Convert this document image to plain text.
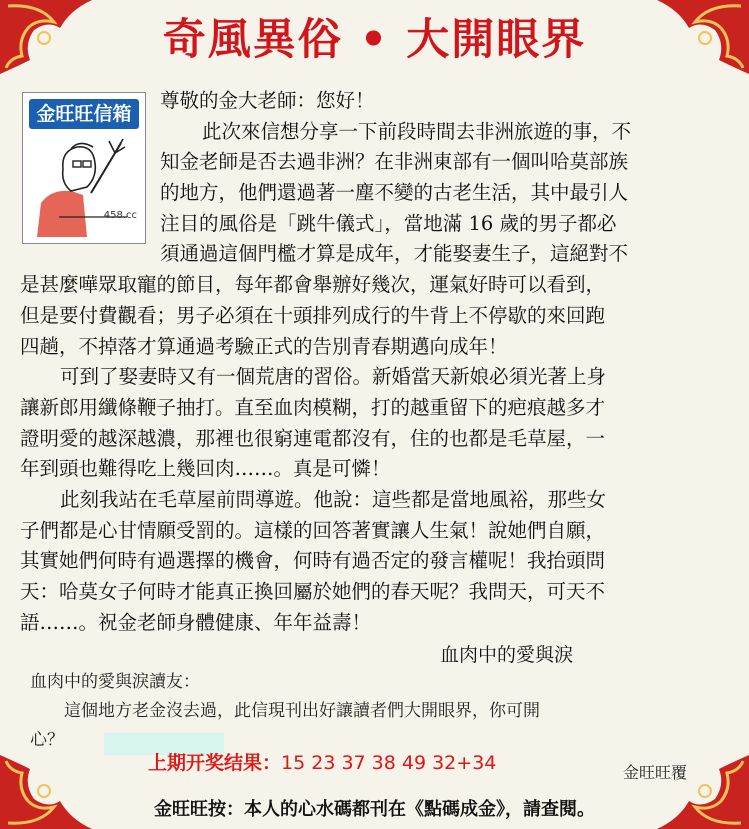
奇風異俗 • 大開眼界
金旺旺信箱
458.cc
尊敬的金大老師：您好！
此次來信想分享一下前段時間去非洲旅遊的事，不
知金老師是否去過非洲？在非洲東部有一個叫哈莫部族
的地方，他們還過著一塵不變的古老生活，其中最引人
注目的風俗是「跳牛儀式」，當地滿 16 歲的男子都必
須通過這個門檻才算是成年，才能娶妻生子，這絕對不
是甚麼嘩眾取寵的節目，每年都會舉辦好幾次，運氣好時可以看到，
但是要付費觀看；男子必須在十頭排列成行的牛背上不停歇的來回跑
四趟，不掉落才算通過考驗正式的告別青春期邁向成年！
可到了娶妻時又有一個荒唐的習俗。新婚當天新娘必須光著上身
讓新郎用纖條鞭子抽打。直至血肉模糊，打的越重留下的疤痕越多才
證明愛的越深越濃，那裡也很窮連電都沒有，住的也都是毛草屋，一
年到頭也難得吃上幾回肉……。真是可憐！
此刻我站在毛草屋前問導遊。他說：這些都是當地風裕，那些女
子們都是心甘情願受罰的。這樣的回答著實讓人生氣！說她們自願，
其實她們何時有過選擇的機會，何時有過否定的發言權呢！我抬頭問
天：哈莫女子何時才能真正換回屬於她們的春天呢？我問天，可天不
語……。祝金老師身體健康、年年益壽！
血肉中的愛與淚
血肉中的愛與淚讀友：
這個地方老金沒去過，此信現刊出好讓讀者們大開眼界，你可開
心？
上期开奖结果：15 23 37 38 49 32+34	金旺旺覆
金旺旺按：本人的心水碼都刊在《點碼成金》，請查閱。
